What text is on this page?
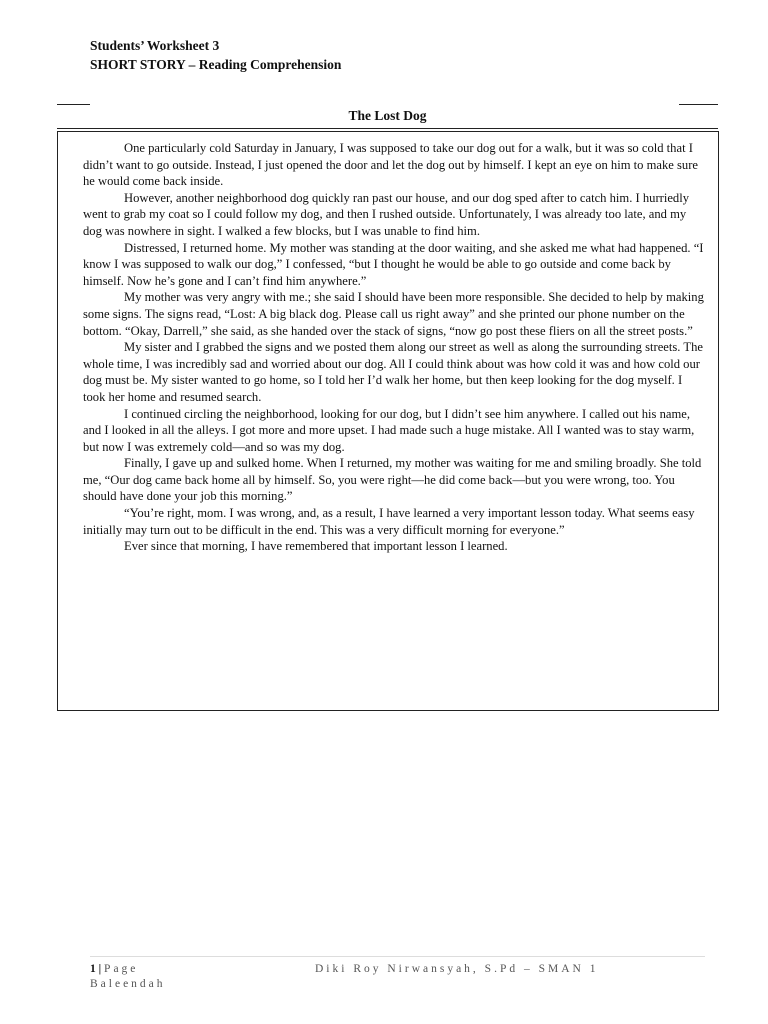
Students’ Worksheet 3
SHORT STORY – Reading Comprehension
The Lost Dog

One particularly cold Saturday in January, I was supposed to take our dog out for a walk, but it was so cold that I didn’t want to go outside. Instead, I just opened the door and let the dog out by himself. I kept an eye on him to make sure he would come back inside.

However, another neighborhood dog quickly ran past our house, and our dog sped after to catch him. I hurriedly went to grab my coat so I could follow my dog, and then I rushed outside. Unfortunately, I was already too late, and my dog was nowhere in sight. I walked a few blocks, but I was unable to find him.

Distressed, I returned home. My mother was standing at the door waiting, and she asked me what had happened. “I know I was supposed to walk our dog,” I confessed, “but I thought he would be able to go outside and come back by himself. Now he’s gone and I can’t find him anywhere.”

My mother was very angry with me.; she said I should have been more responsible. She decided to help by making some signs. The signs read, “Lost: A big black dog. Please call us right away” and she printed our phone number on the bottom. “Okay, Darrell,” she said, as she handed over the stack of signs, “now go post these fliers on all the street posts.”

My sister and I grabbed the signs and we posted them along our street as well as along the surrounding streets. The whole time, I was incredibly sad and worried about our dog. All I could think about was how cold it was and how cold our dog must be. My sister wanted to go home, so I told her I’d walk her home, but then keep looking for the dog myself. I took her home and resumed search.

I continued circling the neighborhood, looking for our dog, but I didn’t see him anywhere. I called out his name, and I looked in all the alleys. I got more and more upset. I had made such a huge mistake. All I wanted was to stay warm, but now I was extremely cold—and so was my dog.

Finally, I gave up and sulked home. When I returned, my mother was waiting for me and smiling broadly. She told me, “Our dog came back home all by himself. So, you were right—he did come back—but you were wrong, too. You should have done your job this morning.”

“You’re right, mom. I was wrong, and, as a result, I have learned a very important lesson today. What seems easy initially may turn out to be difficult in the end. This was a very difficult morning for everyone.”

Ever since that morning, I have remembered that important lesson I learned.

1 | Page	Diki Roy Nirwansyah, S.Pd – SMAN 1
Baleendah
